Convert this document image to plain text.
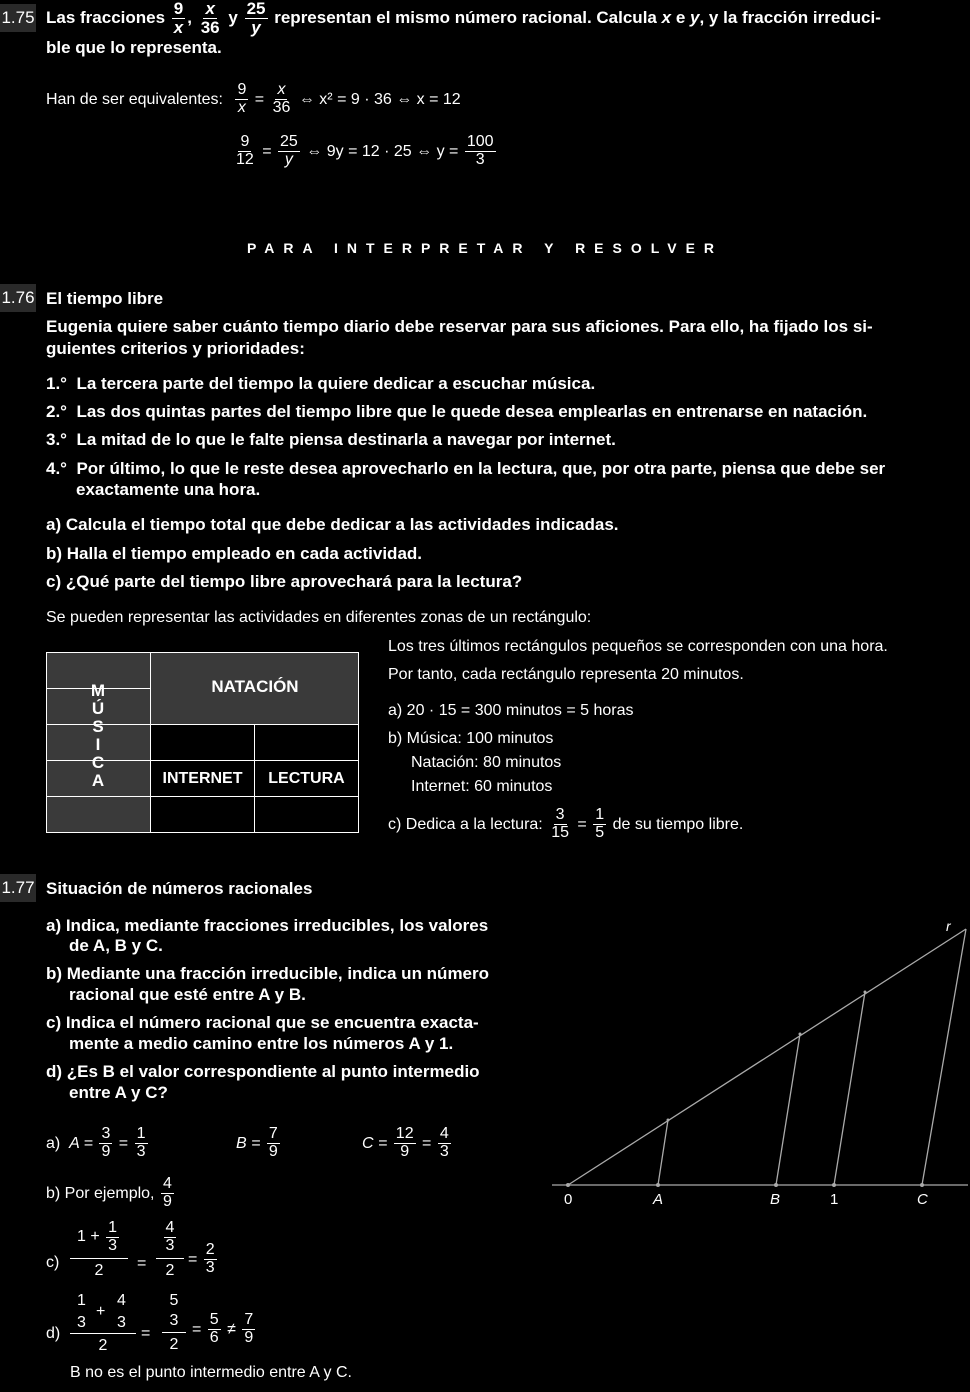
1.75 Las fracciones $\frac{9}{x}$ , $\frac{x}{36}$ y $\frac{25}{y}$ representan el mismo número racional. Calcula x e y, y la fracción irreduci-
ble que lo representa.
Han de ser equivalentes: $\frac{9}{x} = \frac{x}{36}$ ⇔ x² = 9 · 36 ⇔ x = 12
$\frac{9}{12} = \frac{25}{y}$ ⇔ 9y = 12 · 25 ⇔ $y = \frac{100}{3}$
PARA INTERPRETAR Y RESOLVER
1.76 El tiempo libre
Eugenia quiere saber cuánto tiempo diario debe reservar para sus aficiones. Para ello, ha fijado los si-
guientes criterios y prioridades:
1.° La tercera parte del tiempo la quiere dedicar a escuchar música.
2.° Las dos quintas partes del tiempo libre que le quede desea emplearlas en entrenarse en natación.
3.° La mitad de lo que le falte piensa destinarla a navegar por internet.
4.° Por último, lo que le reste desea aprovecharlo en la lectura, que, por otra parte, piensa que debe ser
exactamente una hora.
a) Calcula el tiempo total que debe dedicar a las actividades indicadas.
b) Halla el tiempo empleado en cada actividad.
c) ¿Qué parte del tiempo libre aprovechará para la lectura?
Se pueden representar las actividades en diferentes zonas de un rectángulo:

	INTERNET	LECTURA

NATACIÓN
M
Ú
S
I
C
A
Los tres últimos rectángulos pequeños se corresponden con una hora.
Por tanto, cada rectángulo representa 20 minutos.
a) 20 · 15 = 300 minutos = 5 horas
b) Música: 100 minutos
Natación: 80 minutos
Internet: 60 minutos
c) Dedica a la lectura: $\frac{3}{15} = \frac{1}{5}$ de su tiempo libre.
1.77 Situación de números racionales
a) Indica, mediante fracciones irreducibles, los valores
de A, B y C.
b) Mediante una fracción irreducible, indica un número
racional que esté entre A y B.
c) Indica el número racional que se encuentra exacta-
mente a medio camino entre los números A y 1.
d) ¿Es B el valor correspondiente al punto intermedio
entre A y C?
a) $A = \frac{3}{9} = \frac{1}{3}$	$B = \frac{7}{9}$	$C = \frac{12}{9} = \frac{4}{3}$
b) Por ejemplo, $\frac{4}{9}$
c)
1 +
$\frac{1}{3}$
2	=
$\frac{4}{3}$
2
= $\frac{2}{3}$
d)
1
3
+
4
3
2
=
5
3
2
= $\frac{5}{6} \ne \frac{7}{9}$
B no es el punto intermedio entre A y C.
0	A	B	1	C
r
